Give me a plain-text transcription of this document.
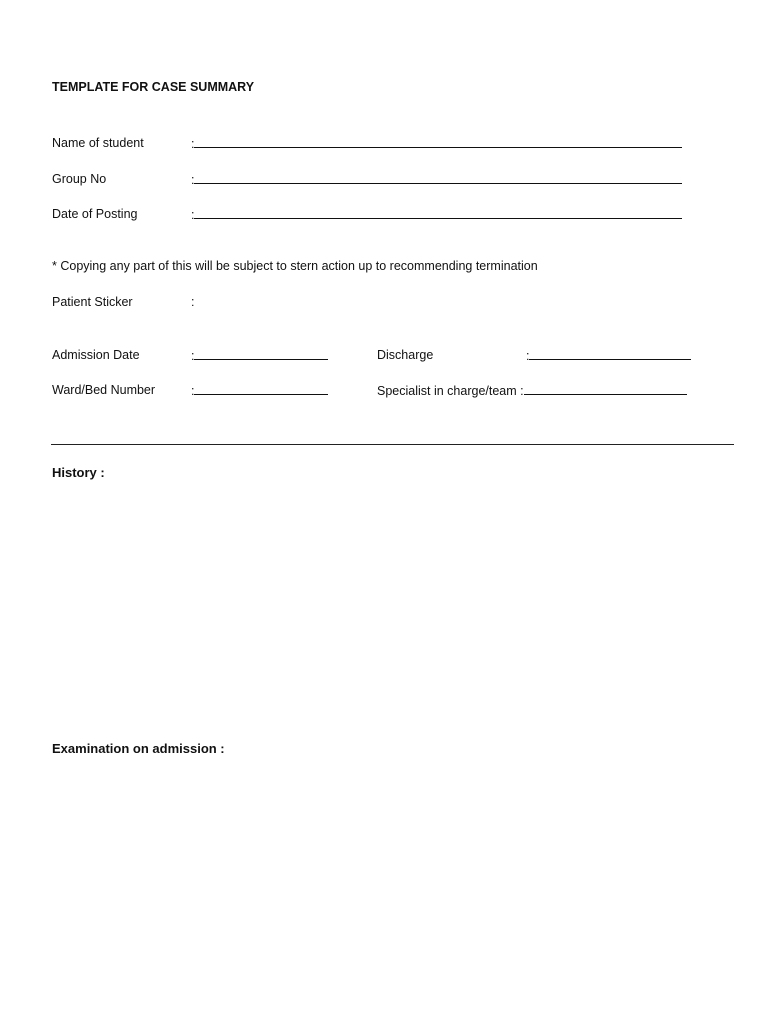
TEMPLATE FOR CASE SUMMARY
Name of student	:
Group No	:
Date of Posting	:
* Copying any part of this will be subject to stern action up to recommending termination
Patient Sticker	:
Admission Date	:	Discharge	:
Ward/Bed Number	:	Specialist in charge/team :
History :
Examination on admission :
